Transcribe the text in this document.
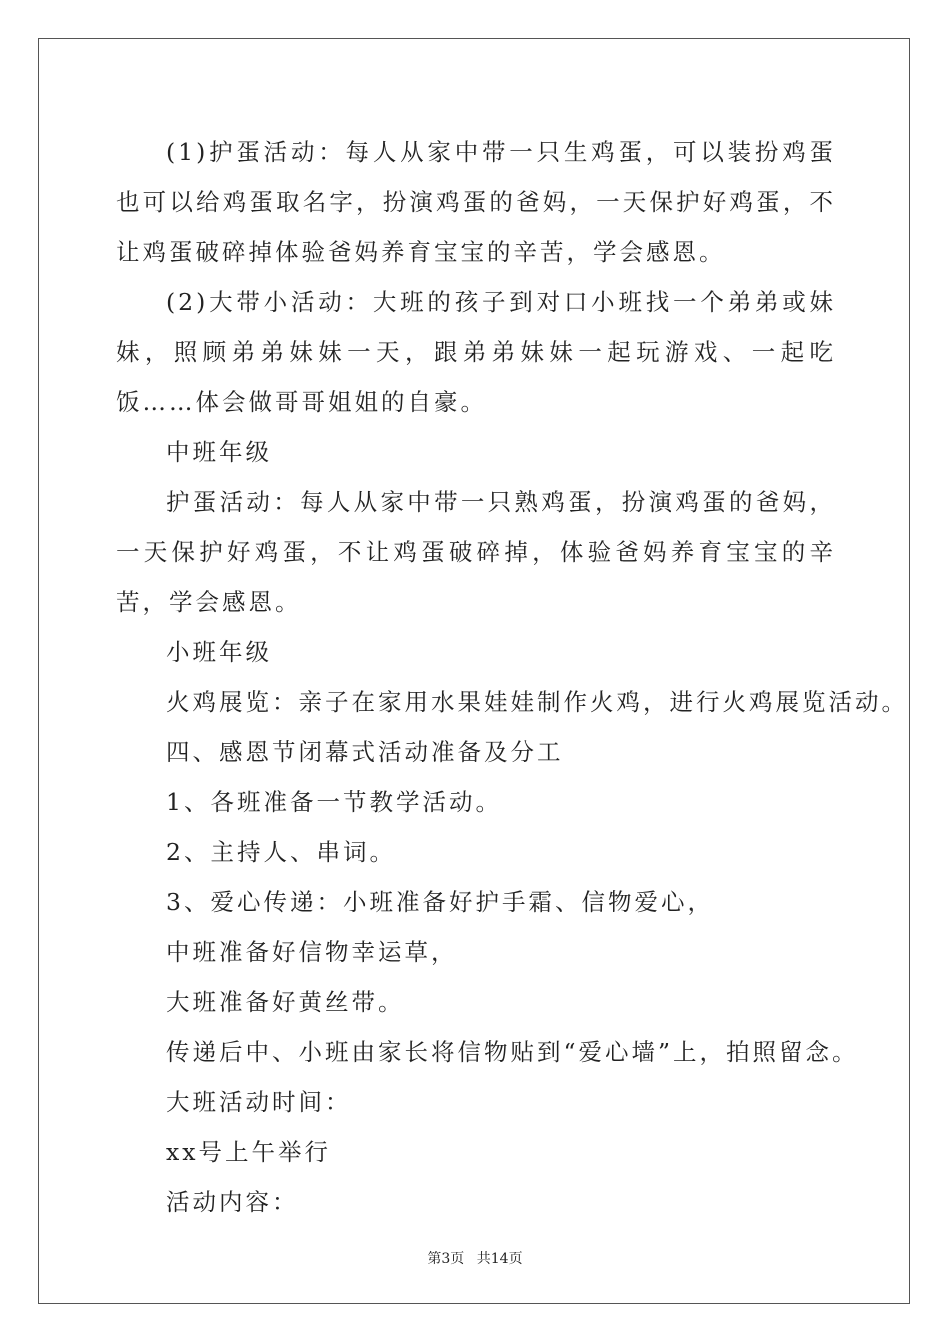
(1)护蛋活动：每人从家中带一只生鸡蛋，可以装扮鸡蛋也可以给鸡蛋取名字，扮演鸡蛋的爸妈，一天保护好鸡蛋，不让鸡蛋破碎掉体验爸妈养育宝宝的辛苦，学会感恩。

(2)大带小活动：大班的孩子到对口小班找一个弟弟或妹妹，照顾弟弟妹妹一天，跟弟弟妹妹一起玩游戏、一起吃饭……体会做哥哥姐姐的自豪。

中班年级

护蛋活动：每人从家中带一只熟鸡蛋，扮演鸡蛋的爸妈，一天保护好鸡蛋，不让鸡蛋破碎掉，体验爸妈养育宝宝的辛苦，学会感恩。

小班年级

火鸡展览：亲子在家用水果娃娃制作火鸡，进行火鸡展览活动。

四、感恩节闭幕式活动准备及分工

1、各班准备一节教学活动。

2、主持人、串词。

3、爱心传递：小班准备好护手霜、信物爱心，

中班准备好信物幸运草，

大班准备好黄丝带。

传递后中、小班由家长将信物贴到“爱心墙”上，拍照留念。

大班活动时间：

xx号上午举行

活动内容：

第3页 共14页
